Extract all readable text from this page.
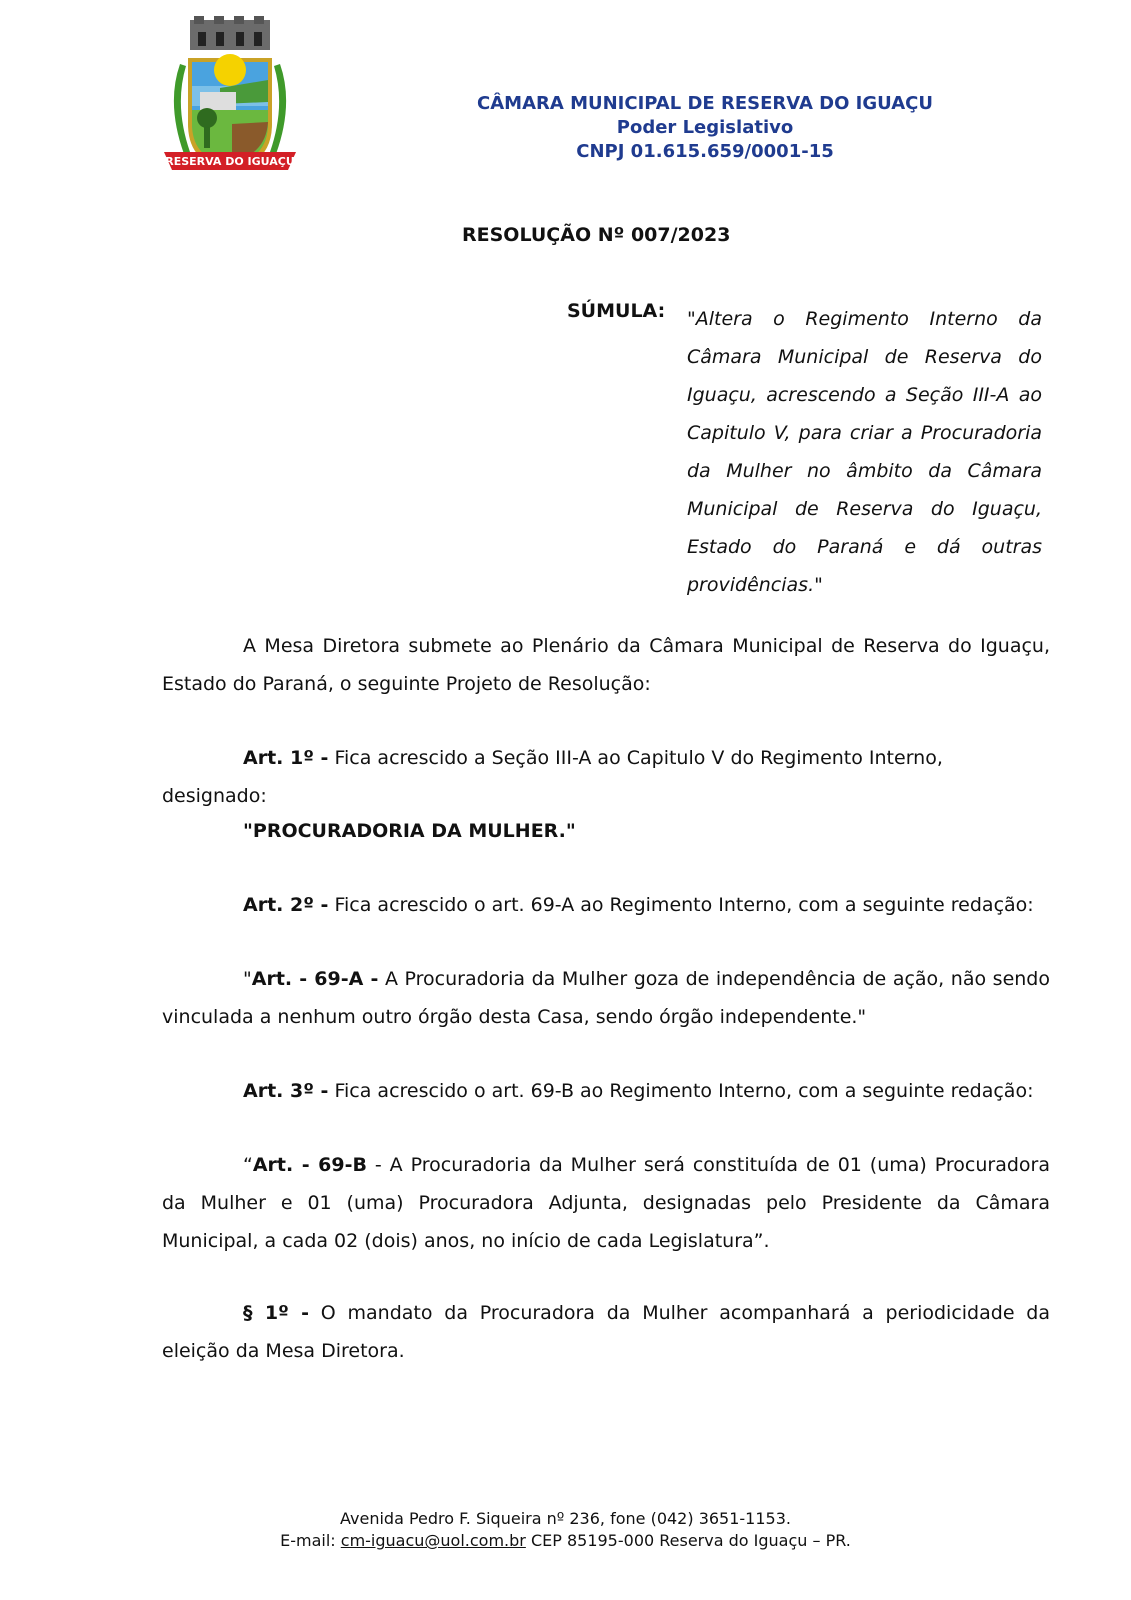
RESERVA DO IGUAÇU
CÂMARA MUNICIPAL DE RESERVA DO IGUAÇU
Poder Legislativo
CNPJ 01.615.659/0001-15
RESOLUÇÃO Nº 007/2023
SÚMULA: "Altera o Regimento Interno da Câmara Municipal de Reserva do Iguaçu, acrescendo a Seção III-A ao Capitulo V, para criar a Procuradoria da Mulher no âmbito da Câmara Municipal de Reserva do Iguaçu, Estado do Paraná e dá outras providências."
A Mesa Diretora submete ao Plenário da Câmara Municipal de Reserva do Iguaçu, Estado do Paraná, o seguinte Projeto de Resolução:
Art. 1º - Fica acrescido a Seção III-A ao Capitulo V do Regimento Interno, designado:
"PROCURADORIA DA MULHER."
Art. 2º - Fica acrescido o art. 69-A ao Regimento Interno, com a seguinte redação:
"Art. - 69-A - A Procuradoria da Mulher goza de independência de ação, não sendo vinculada a nenhum outro órgão desta Casa, sendo órgão independente."
Art. 3º - Fica acrescido o art. 69-B ao Regimento Interno, com a seguinte redação:
“Art. - 69-B - A Procuradoria da Mulher será constituída de 01 (uma) Procuradora da Mulher e 01 (uma) Procuradora Adjunta, designadas pelo Presidente da Câmara Municipal, a cada 02 (dois) anos, no início de cada Legislatura”.
§ 1º - O mandato da Procuradora da Mulher acompanhará a periodicidade da eleição da Mesa Diretora.
Avenida Pedro F. Siqueira nº 236, fone (042) 3651-1153.
E-mail: cm-iguacu@uol.com.br CEP 85195-000 Reserva do Iguaçu – PR.
